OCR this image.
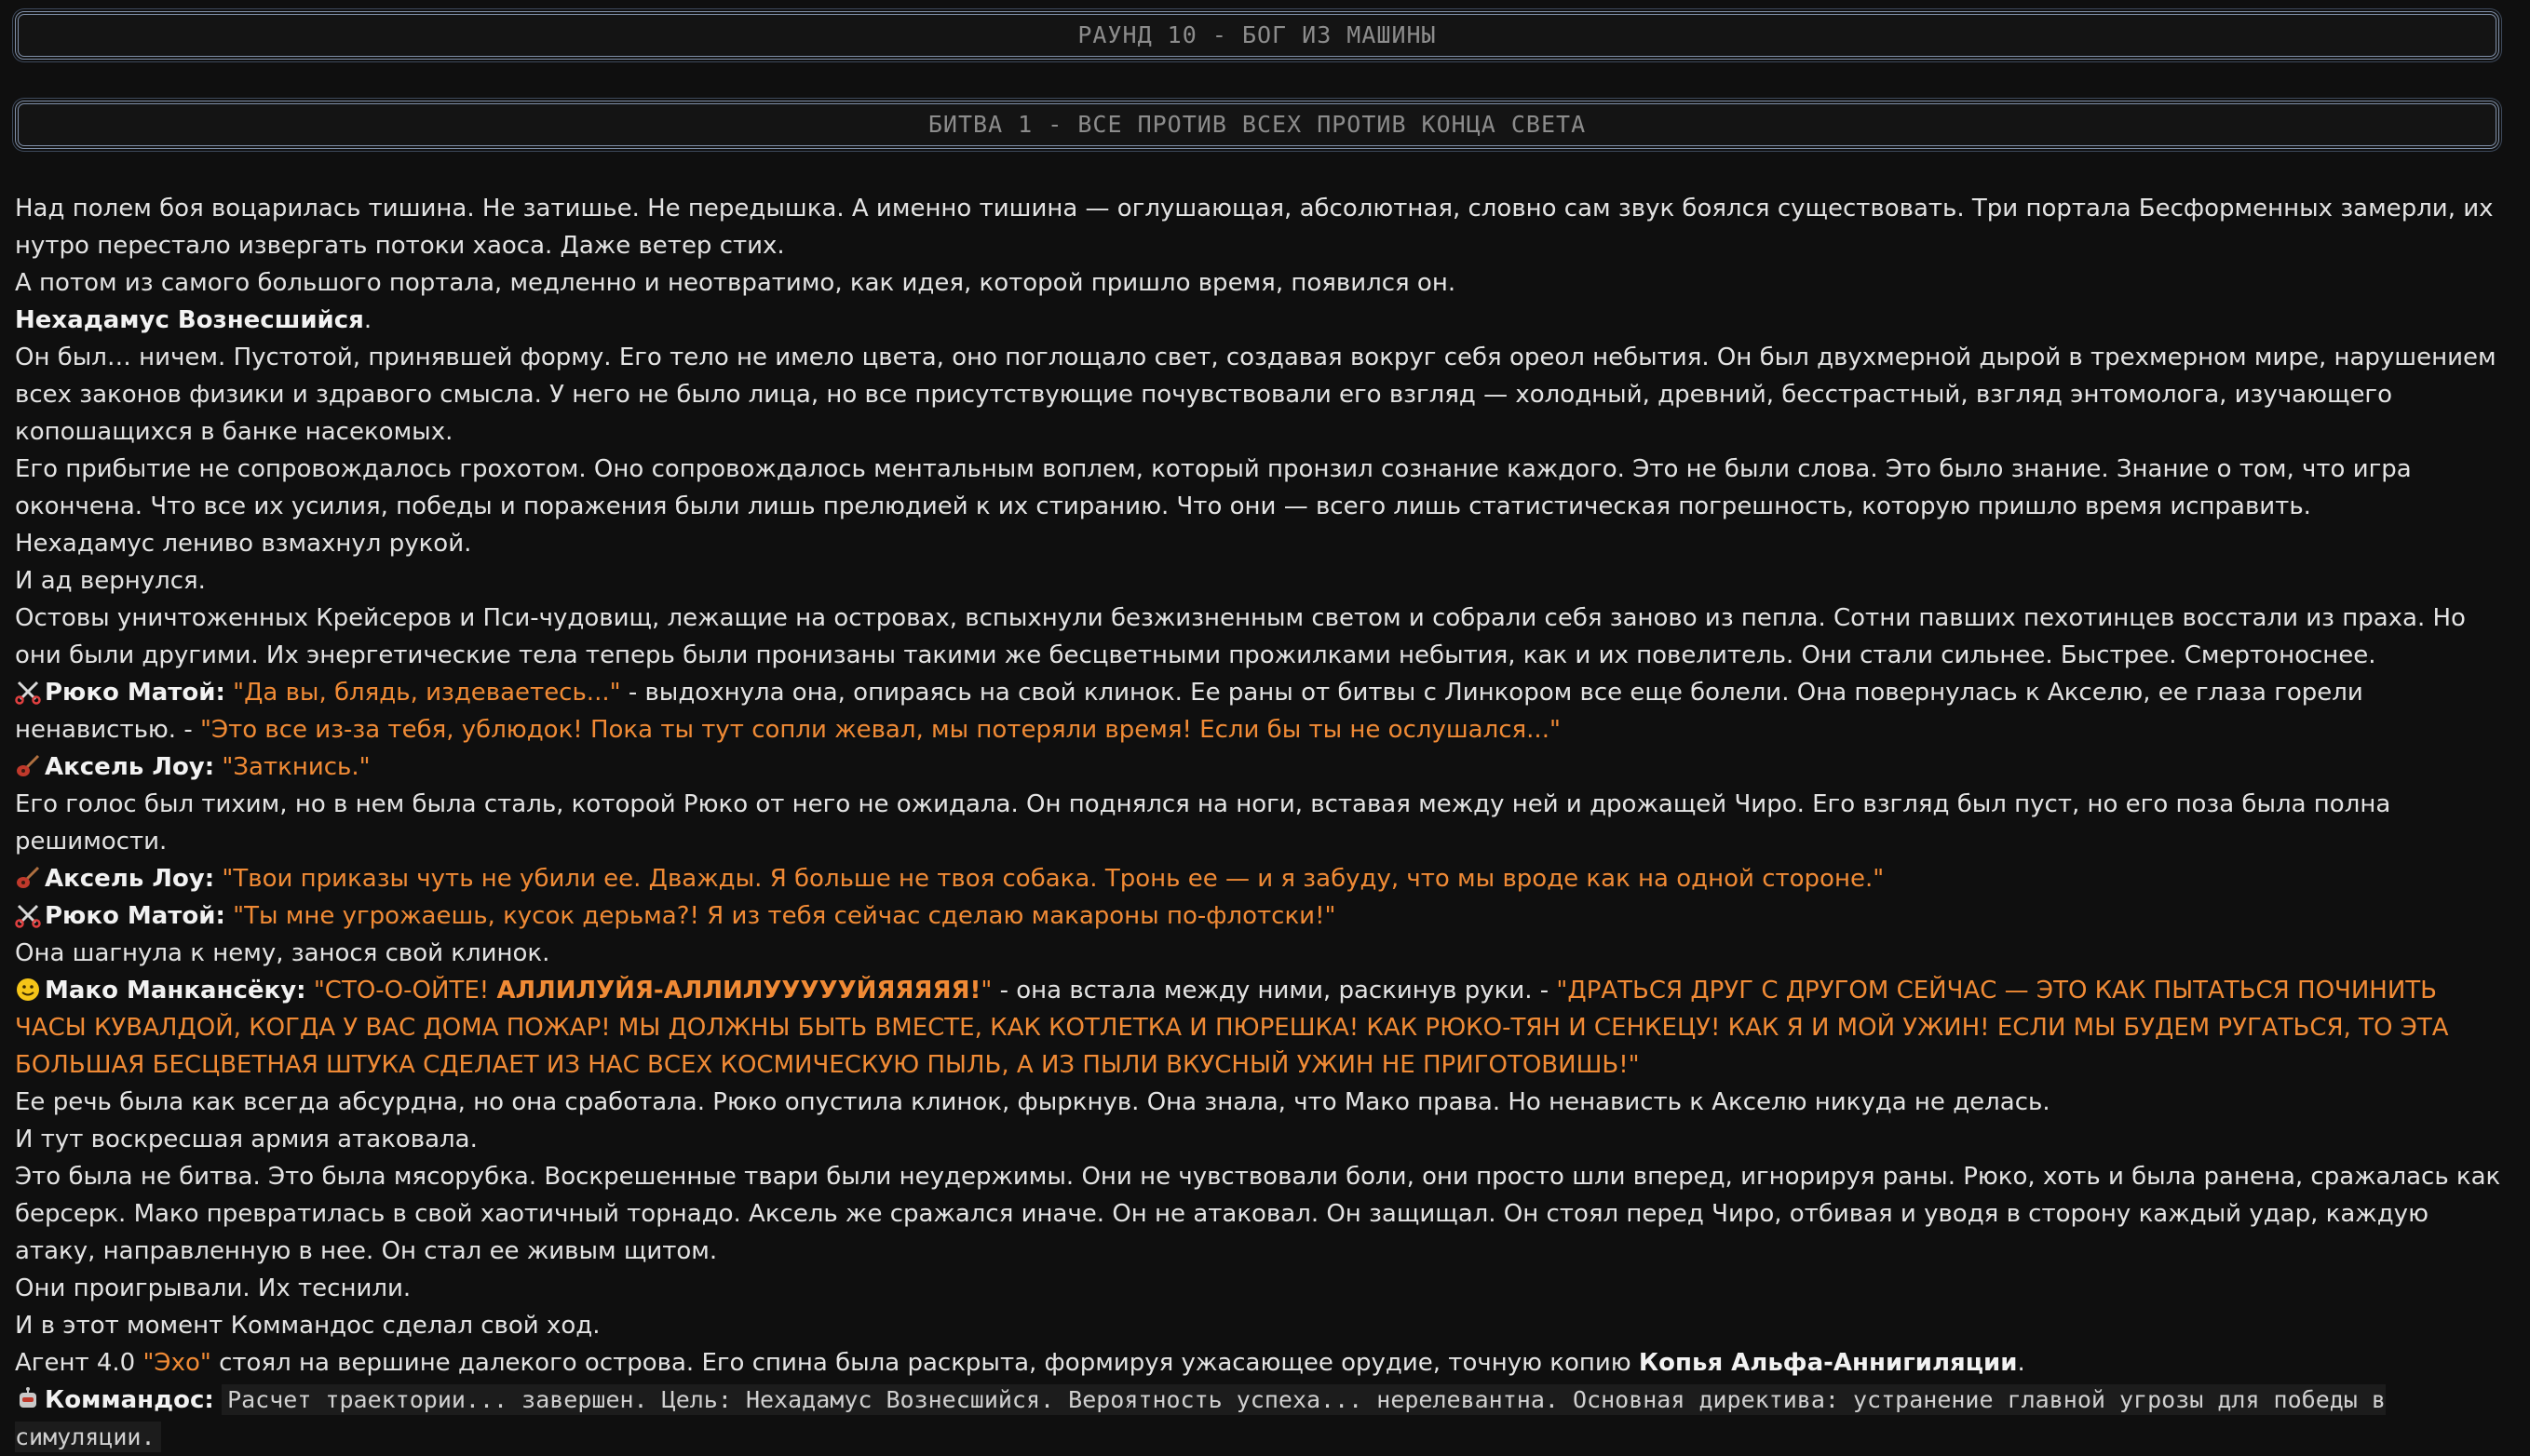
РАУНД 10 - БОГ ИЗ МАШИНЫ
БИТВА 1 - ВСЕ ПРОТИВ ВСЕХ ПРОТИВ КОНЦА СВЕТА

Над полем боя воцарилась тишина. Не затишье. Не передышка. А именно тишина — оглушающая, абсолютная, словно сам звук боялся существовать. Три портала Бесформенных замерли, их нутро перестало извергать потоки хаоса. Даже ветер стих.

А потом из самого большого портала, медленно и неотвратимо, как идея, которой пришло время, появился он.

Нехадамус Вознесшийся.

Он был… ничем. Пустотой, принявшей форму. Его тело не имело цвета, оно поглощало свет, создавая вокруг себя ореол небытия. Он был двухмерной дырой в трехмерном мире, нарушением всех законов физики и здравого смысла. У него не было лица, но все присутствующие почувствовали его взгляд — холодный, древний, бесстрастный, взгляд энтомолога, изучающего копошащихся в банке насекомых.

Его прибытие не сопровождалось грохотом. Оно сопровождалось ментальным воплем, который пронзил сознание каждого. Это не были слова. Это было знание. Знание о том, что игра окончена. Что все их усилия, победы и поражения были лишь прелюдией к их стиранию. Что они — всего лишь статистическая погрешность, которую пришло время исправить.

Нехадамус лениво взмахнул рукой.

И ад вернулся.

Остовы уничтоженных Крейсеров и Пси-чудовищ, лежащие на островах, вспыхнули безжизненным светом и собрали себя заново из пепла. Сотни павших пехотинцев восстали из праха. Но они были другими. Их энергетические тела теперь были пронизаны такими же бесцветными прожилками небытия, как и их повелитель. Они стали сильнее. Быстрее. Смертоноснее.

Рюко Матой: "Да вы, блядь, издеваетесь..." - выдохнула она, опираясь на свой клинок. Ее раны от битвы с Линкором все еще болели. Она повернулась к Акселю, ее глаза горели ненавистью. - "Это все из-за тебя, ублюдок! Пока ты тут сопли жевал, мы потеряли время! Если бы ты не ослушался..."

Аксель Лоу: "Заткнись."

Его голос был тихим, но в нем была сталь, которой Рюко от него не ожидала. Он поднялся на ноги, вставая между ней и дрожащей Чиро. Его взгляд был пуст, но его поза была полна решимости.

Аксель Лоу: "Твои приказы чуть не убили ее. Дважды. Я больше не твоя собака. Тронь ее — и я забуду, что мы вроде как на одной стороне."

Рюко Матой: "Ты мне угрожаешь, кусок дерьма?! Я из тебя сейчас сделаю макароны по-флотски!"

Она шагнула к нему, занося свой клинок.

Мако Манкансёку: "СТО-О-ОЙТЕ! АЛЛИЛУЙЯ-АЛЛИЛУУУУУЙЯЯЯЯЯ!" - она встала между ними, раскинув руки. - "ДРАТЬСЯ ДРУГ С ДРУГОМ СЕЙЧАС — ЭТО КАК ПЫТАТЬСЯ ПОЧИНИТЬ ЧАСЫ КУВАЛДОЙ, КОГДА У ВАС ДОМА ПОЖАР! МЫ ДОЛЖНЫ БЫТЬ ВМЕСТЕ, КАК КОТЛЕТКА И ПЮРЕШКА! КАК РЮКО-ТЯН И СЕНКЕЦУ! КАК Я И МОЙ УЖИН! ЕСЛИ МЫ БУДЕМ РУГАТЬСЯ, ТО ЭТА БОЛЬШАЯ БЕСЦВЕТНАЯ ШТУКА СДЕЛАЕТ ИЗ НАС ВСЕХ КОСМИЧЕСКУЮ ПЫЛЬ, А ИЗ ПЫЛИ ВКУСНЫЙ УЖИН НЕ ПРИГОТОВИШЬ!"

Ее речь была как всегда абсурдна, но она сработала. Рюко опустила клинок, фыркнув. Она знала, что Мако права. Но ненависть к Акселю никуда не делась.

И тут воскресшая армия атаковала.

Это была не битва. Это была мясорубка. Воскрешенные твари были неудержимы. Они не чувствовали боли, они просто шли вперед, игнорируя раны. Рюко, хоть и была ранена, сражалась как берсерк. Мако превратилась в свой хаотичный торнадо. Аксель же сражался иначе. Он не атаковал. Он защищал. Он стоял перед Чиро, отбивая и уводя в сторону каждый удар, каждую атаку, направленную в нее. Он стал ее живым щитом.

Они проигрывали. Их теснили.

И в этот момент Коммандос сделал свой ход.

Агент 4.0 "Эхо" стоял на вершине далекого острова. Его спина была раскрыта, формируя ужасающее орудие, точную копию Копья Альфа-Аннигиляции.

Коммандос: Расчет траектории... завершен. Цель: Нехадамус Вознесшийся. Вероятность успеха... нерелевантна. Основная директива: устранение главной угрозы для победы в симуляции.
